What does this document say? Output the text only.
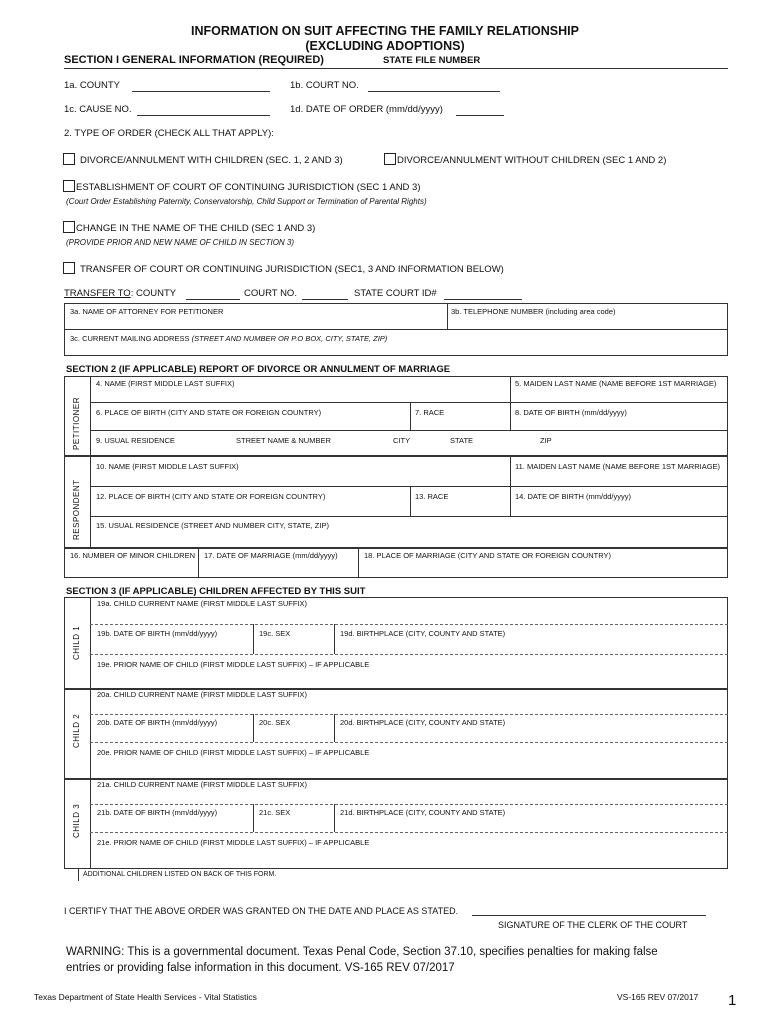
INFORMATION ON SUIT AFFECTING THE FAMILY RELATIONSHIP
(EXCLUDING ADOPTIONS)
SECTION I GENERAL INFORMATION (REQUIRED)	STATE FILE NUMBER
1a. COUNTY	1b. COURT NO.
1c. CAUSE NO.	1d. DATE OF ORDER (mm/dd/yyyy)
2. TYPE OF ORDER (CHECK ALL THAT APPLY):
DIVORCE/ANNULMENT WITH CHILDREN (SEC. 1, 2 AND 3)	DIVORCE/ANNULMENT WITHOUT CHILDREN (SEC 1 AND 2)
ESTABLISHMENT OF COURT OF CONTINUING JURISDICTION (SEC 1 AND 3)
(Court Order Establishing Paternity, Conservatorship, Child Support or Termination of Parental Rights)
CHANGE IN THE NAME OF THE CHILD (SEC 1 AND 3)
(PROVIDE PRIOR AND NEW NAME OF CHILD IN SECTION 3)
TRANSFER OF COURT OR CONTINUING JURISDICTION (SEC1, 3 AND INFORMATION BELOW)
TRANSFER TO: COUNTY	COURT NO.	STATE COURT ID#
3a. NAME OF ATTORNEY FOR PETITIONER	3b. TELEPHONE NUMBER (including area code)
3c. CURRENT MAILING ADDRESS (STREET AND NUMBER OR P.O BOX, CITY, STATE, ZIP)
SECTION 2 (IF APPLICABLE) REPORT OF DIVORCE OR ANNULMENT OF MARRIAGE
PETITIONER
4. NAME (FIRST MIDDLE LAST SUFFIX)	5. MAIDEN LAST NAME (NAME BEFORE 1ST MARRIAGE)
6. PLACE OF BIRTH (CITY AND STATE OR FOREIGN COUNTRY)	7. RACE	8. DATE OF BIRTH (mm/dd/yyyy)
9. USUAL RESIDENCE	STREET NAME & NUMBER	CITY	STATE	ZIP
RESPONDENT
10. NAME (FIRST MIDDLE LAST SUFFIX)	11. MAIDEN LAST NAME (NAME BEFORE 1ST MARRIAGE)
12. PLACE OF BIRTH (CITY AND STATE OR FOREIGN COUNTRY)	13. RACE	14. DATE OF BIRTH (mm/dd/yyyy)
15. USUAL RESIDENCE (STREET AND NUMBER CITY, STATE, ZIP)
16. NUMBER OF MINOR CHILDREN 17. DATE OF MARRIAGE (mm/dd/yyyy)	18. PLACE OF MARRIAGE (CITY AND STATE OR FOREIGN COUNTRY)
SECTION 3 (IF APPLICABLE) CHILDREN AFFECTED BY THIS SUIT
CHILD 1
19a. CHILD CURRENT NAME (FIRST MIDDLE LAST SUFFIX)
19b. DATE OF BIRTH (mm/dd/yyyy)	19c. SEX	19d. BIRTHPLACE (CITY, COUNTY AND STATE)
19e. PRIOR NAME OF CHILD (FIRST MIDDLE LAST SUFFIX) – IF APPLICABLE
CHILD 2
20a. CHILD CURRENT NAME (FIRST MIDDLE LAST SUFFIX)
20b. DATE OF BIRTH (mm/dd/yyyy)	20c. SEX	20d. BIRTHPLACE (CITY, COUNTY AND STATE)
20e. PRIOR NAME OF CHILD (FIRST MIDDLE LAST SUFFIX) – IF APPLICABLE
CHILD 3
21a. CHILD CURRENT NAME (FIRST MIDDLE LAST SUFFIX)
21b. DATE OF BIRTH (mm/dd/yyyy)	21c. SEX	21d. BIRTHPLACE (CITY, COUNTY AND STATE)
21e. PRIOR NAME OF CHILD (FIRST MIDDLE LAST SUFFIX) – IF APPLICABLE
ADDITIONAL CHILDREN LISTED ON BACK OF THIS FORM.
I CERTIFY THAT THE ABOVE ORDER WAS GRANTED ON THE DATE AND PLACE AS STATED.
SIGNATURE OF THE CLERK OF THE COURT
WARNING: This is a governmental document. Texas Penal Code, Section 37.10, specifies penalties for making false
entries or providing false information in this document. VS-165 REV 07/2017
Texas Department of State Health Services - Vital Statistics	VS-165 REV 07/2017 1
